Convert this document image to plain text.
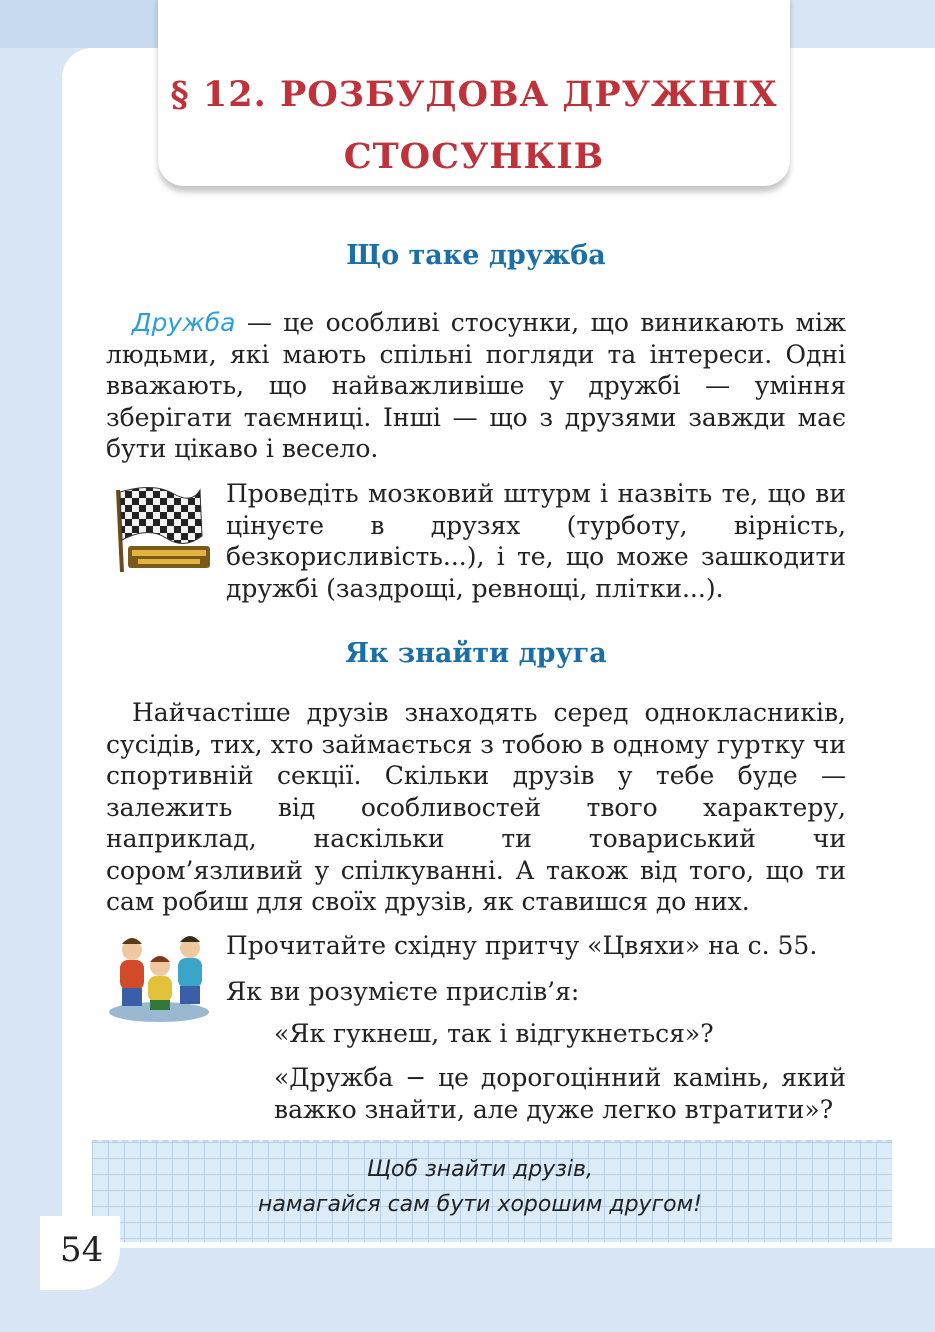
§ 12. РОЗБУДОВА ДРУЖНІХ
СТОСУНКІВ
Що таке дружба
Дружба — це особливі стосунки, що виникають між людьми, які мають спільні погляди та інтереси. Одні вважають, що найважливіше у дружбі — уміння зберігати таємниці. Інші — що з друзями завжди має бути цікаво і весело.
Проведіть мозковий штурм і назвіть те, що ви цінуєте в друзях (турботу, вірність, безкорисливість...), і те, що може зашкодити дружбі (заздрощі, ревнощі, плітки...).
Як знайти друга
Найчастіше друзів знаходять серед однокласників, сусідів, тих, хто займається з тобою в одному гуртку чи спортивній секції. Скільки друзів у тебе буде — залежить від особливостей твого характеру, наприклад, наскільки ти товариський чи сором’язливий у спілкуванні. А також від того, що ти сам робиш для своїх друзів, як ставишся до них.
Прочитайте східну притчу «Цвяхи» на с. 55.
Як ви розумієте прислів’я:
«Як гукнеш, так і відгукнеться»?
«Дружба − це дорогоцінний камінь, який важко знайти, але дуже легко втратити»?
Щоб знайти друзів,
намагайся сам бути хорошим другом!
54
